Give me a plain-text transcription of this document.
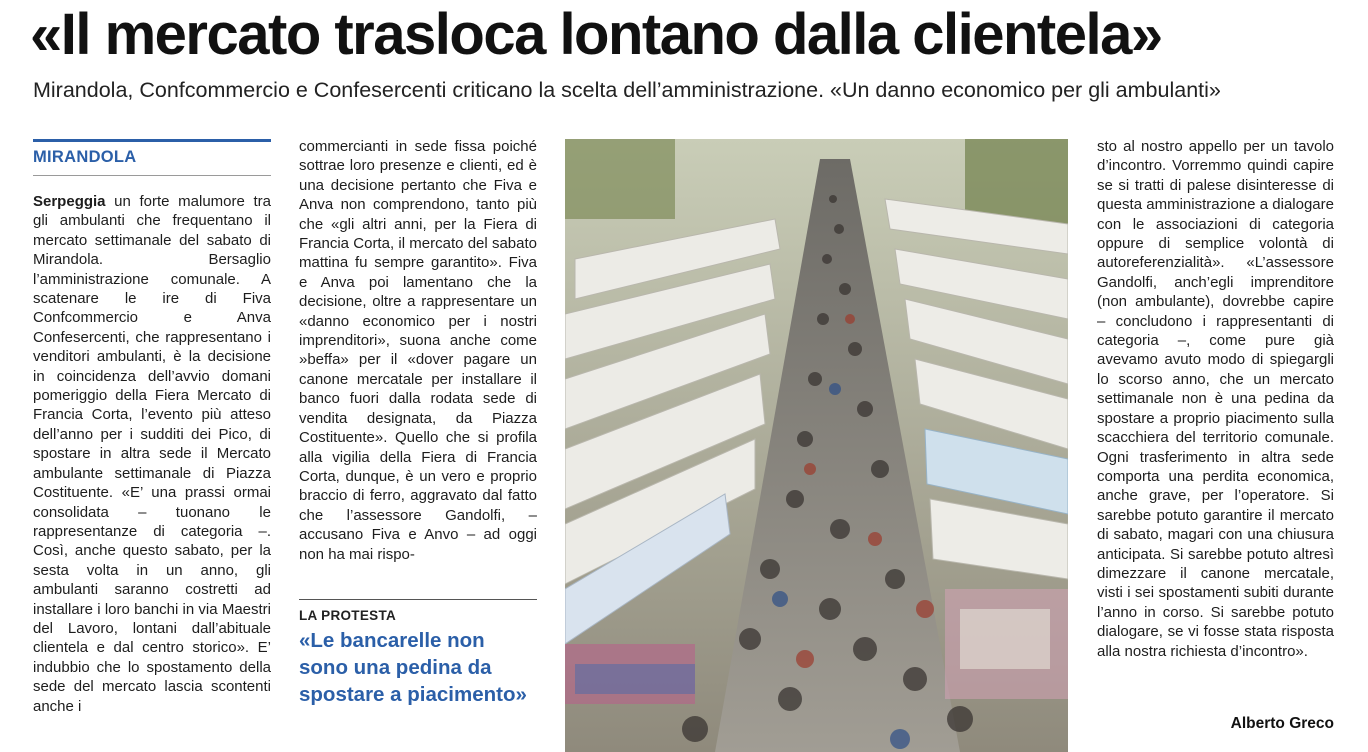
«Il mercato trasloca lontano dalla clientela»
Mirandola, Confcommercio e Confesercenti criticano la scelta dell’amministrazione. «Un danno economico per gli ambulanti»
MIRANDOLA

Serpeggia un forte malumore tra gli ambulanti che frequentano il mercato settimanale del sabato di Mirandola. Bersaglio l’amministrazione comunale. A scatenare le ire di Fiva Confcommercio e Anva Confesercenti, che rappresentano i venditori ambulanti, è la decisione in coincidenza dell’avvio domani pomeriggio della Fiera Mercato di Francia Corta, l’evento più atteso dell’anno per i sudditi dei Pico, di spostare in altra sede il Mercato ambulante settimanale di Piazza Costituente. «E’ una prassi ormai consolidata – tuonano le rappresentanze di categoria –. Così, anche questo sabato, per la sesta volta in un anno, gli ambulanti saranno costretti ad installare i loro banchi in via Maestri del Lavoro, lontani dall’abituale clientela e dal centro storico». E’ indubbio che lo spostamento della sede del mercato lascia scontenti anche i

commercianti in sede fissa poiché sottrae loro presenze e clienti, ed è una decisione pertanto che Fiva e Anva non comprendono, tanto più che «gli altri anni, per la Fiera di Francia Corta, il mercato del sabato mattina fu sempre garantito». Fiva e Anva poi lamentano che la decisione, oltre a rappresentare un «danno economico per i nostri imprenditori», suona anche come »beffa» per il «dover pagare un canone mercatale per installare il banco fuori dalla rodata sede di vendita designata, da Piazza Costituente». Quello che si profila alla vigilia della Fiera di Francia Corta, dunque, è un vero e proprio braccio di ferro, aggravato dal fatto che l’assessore Gandolfi, –accusano Fiva e Anvo – ad oggi non ha mai rispo-

LA PROTESTA
«Le bancarelle non sono una pedina da spostare a piacimento»

sto al nostro appello per un tavolo d’incontro. Vorremmo quindi capire se si tratti di palese disinteresse di questa amministrazione a dialogare con le associazioni di categoria oppure di semplice volontà di autoreferenzialità». «L’assessore Gandolfi, anch’egli imprenditore (non ambulante), dovrebbe capire – concludono i rappresentanti di categoria –, come pure già avevamo avuto modo di spiegargli lo scorso anno, che un mercato settimanale non è una pedina da spostare a proprio piacimento sulla scacchiera del territorio comunale. Ogni trasferimento in altra sede comporta una perdita economica, anche grave, per l’operatore. Si sarebbe potuto garantire il mercato di sabato, magari con una chiusura anticipata. Si sarebbe potuto altresì dimezzare il canone mercatale, visti i sei spostamenti subiti durante l’anno in corso. Si sarebbe potuto dialogare, se vi fosse stata risposta alla nostra richiesta d’incontro».

Alberto Greco
